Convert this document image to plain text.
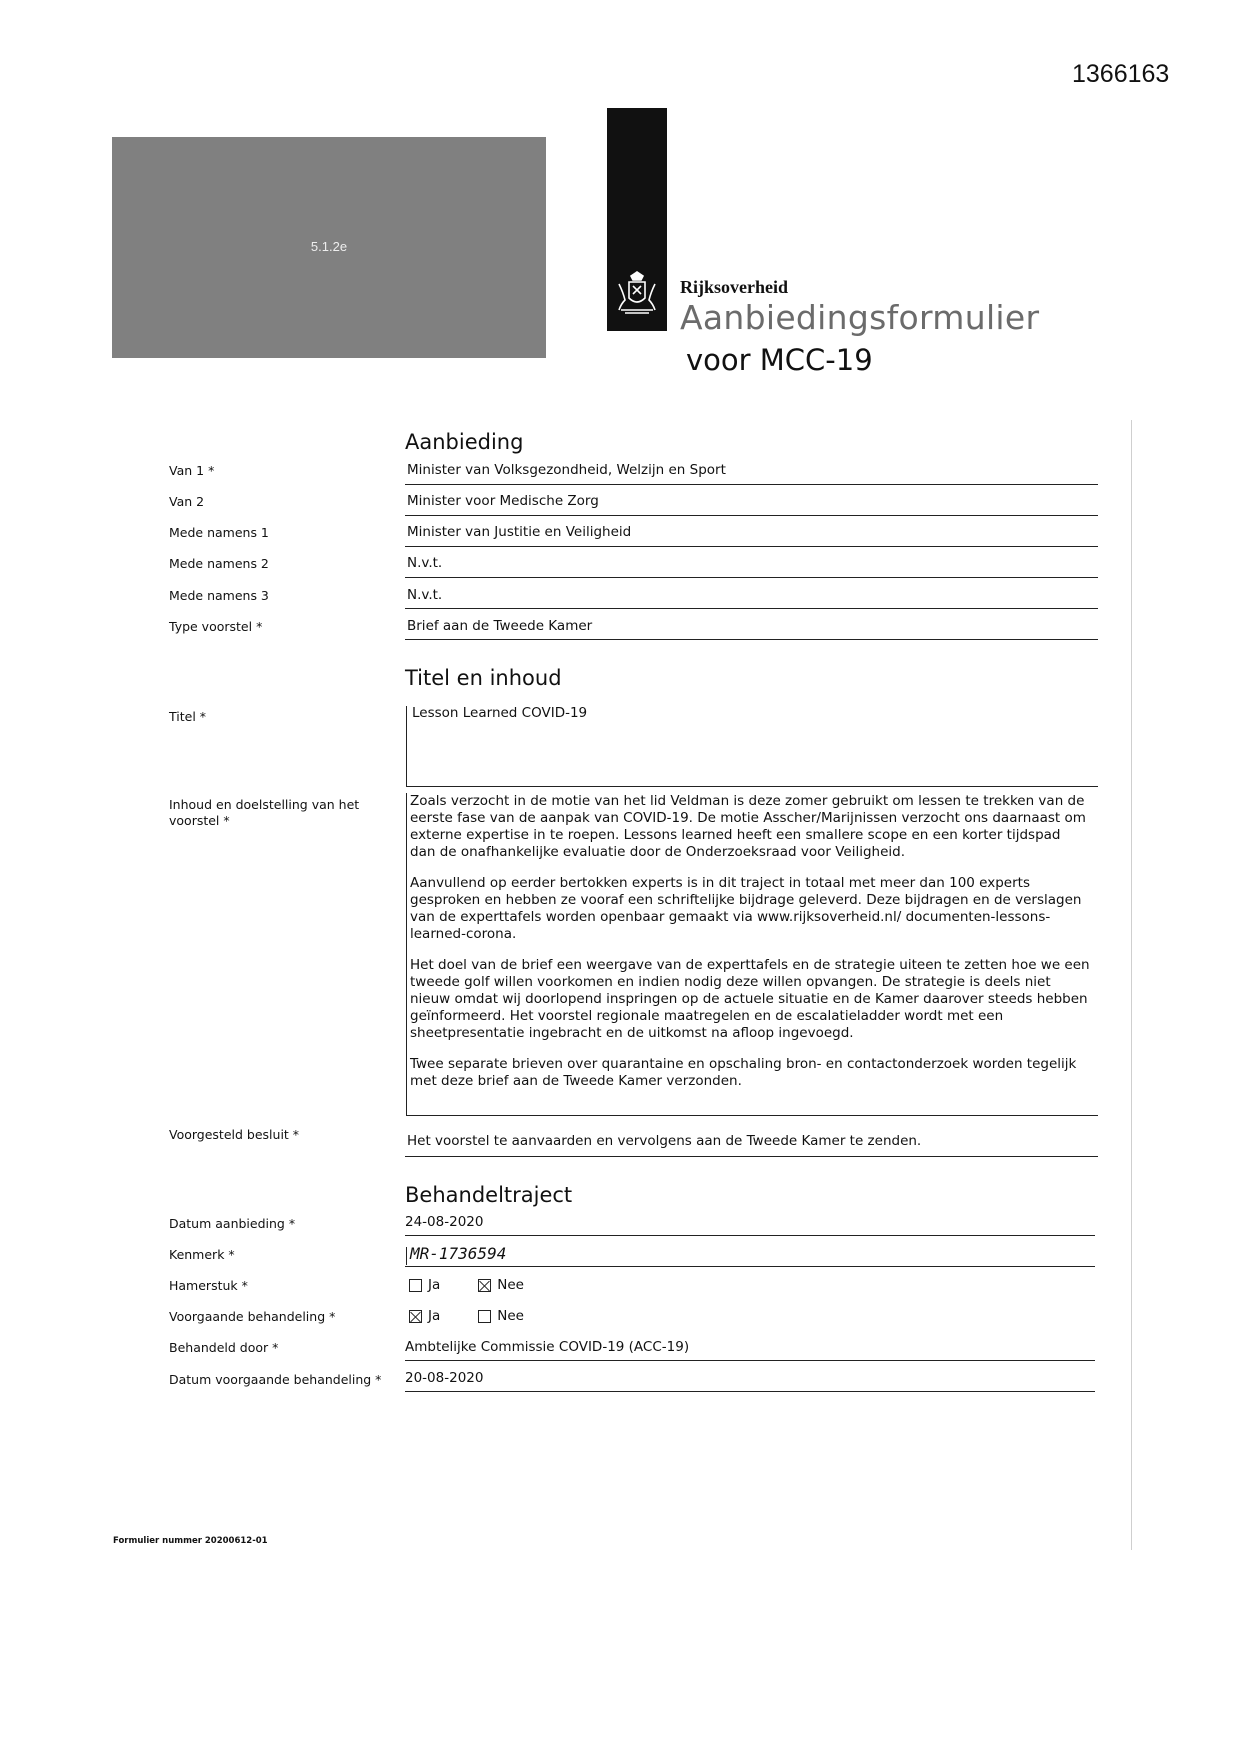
1366163
5.1.2e
Rijksoverheid
Aanbiedingsformulier
voor MCC-19
Aanbieding
Van 1 *	Minister van Volksgezondheid, Welzijn en Sport
Van 2	Minister voor Medische Zorg
Mede namens 1	Minister van Justitie en Veiligheid
Mede namens 2	N.v.t.
Mede namens 3	N.v.t.
Type voorstel *	Brief aan de Tweede Kamer
Titel en inhoud
Titel *	Lesson Learned COVID-19
Inhoud en doelstelling van het voorstel *

Zoals verzocht in de motie van het lid Veldman is deze zomer gebruikt om lessen te trekken van de eerste fase van de aanpak van COVID-19. De motie Asscher/Marijnissen verzocht ons daarnaast om externe expertise in te roepen. Lessons learned heeft een smallere scope en een korter tijdspad dan de onafhankelijke evaluatie door de Onderzoeksraad voor Veiligheid.

Aanvullend op eerder bertokken experts is in dit traject in totaal met meer dan 100 experts gesproken en hebben ze vooraf een schriftelijke bijdrage geleverd. Deze bijdragen en de verslagen van de experttafels worden openbaar gemaakt via www.rijksoverheid.nl/ documenten-lessons-learned-corona.

Het doel van de brief een weergave van de experttafels en de strategie uiteen te zetten hoe we een tweede golf willen voorkomen en indien nodig deze willen opvangen. De strategie is deels niet nieuw omdat wij doorlopend inspringen op de actuele situatie en de Kamer daarover steeds hebben geïnformeerd. Het voorstel regionale maatregelen en de escalatieladder wordt met een sheetpresentatie ingebracht en de uitkomst na afloop ingevoegd.

Twee separate brieven over quarantaine en opschaling bron- en contactonderzoek worden tegelijk met deze brief aan de Tweede Kamer verzonden.

Voorgesteld besluit *	Het voorstel te aanvaarden en vervolgens aan de Tweede Kamer te zenden.
Behandeltraject
Datum aanbieding *	24-08-2020
Kenmerk *	MR-1736594
Hamerstuk *	Ja	Nee
Voorgaande behandeling *	Ja	Nee
Behandeld door *	Ambtelijke Commissie COVID-19 (ACC-19)
Datum voorgaande behandeling * 20-08-2020
Formulier nummer 20200612-01
